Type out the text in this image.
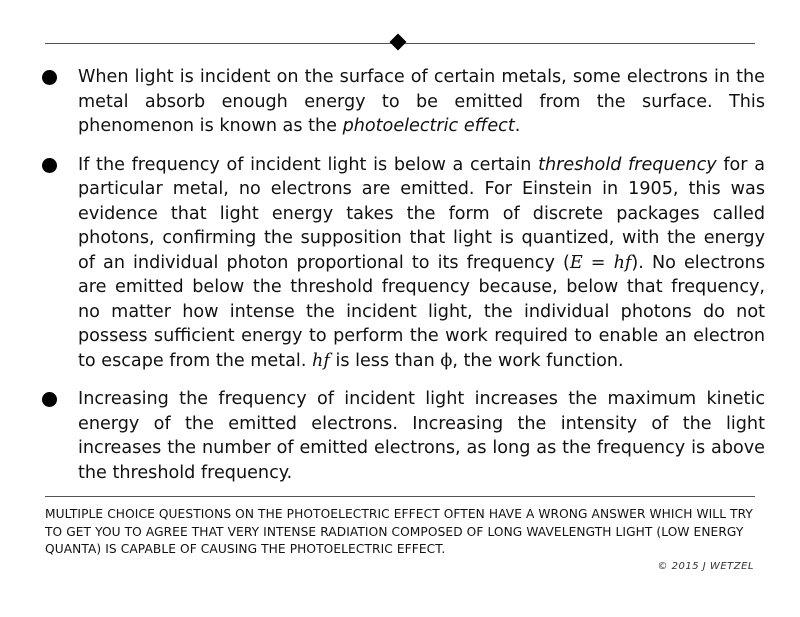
When light is incident on the surface of certain metals, some electrons in the metal absorb enough energy to be emitted from the surface. This phenomenon is known as the photoelectric effect.

If the frequency of incident light is below a certain threshold frequency for a particular metal, no electrons are emitted. For Einstein in 1905, this was evidence that light energy takes the form of discrete packages called photons, confirming the supposition that light is quantized, with the energy of an individual photon proportional to its frequency (E = hf). No electrons are emitted below the threshold frequency because, below that frequency, no matter how intense the incident light, the individual photons do not possess sufficient energy to perform the work required to enable an electron to escape from the metal. hf is less than ϕ, the work function.

Increasing the frequency of incident light increases the maximum kinetic energy of the emitted electrons. Increasing the intensity of the light increases the number of emitted electrons, as long as the frequency is above the threshold frequency.

MULTIPLE CHOICE QUESTIONS ON THE PHOTOELECTRIC EFFECT OFTEN HAVE A WRONG ANSWER WHICH WILL TRY TO GET YOU TO AGREE THAT VERY INTENSE RADIATION COMPOSED OF LONG WAVELENGTH LIGHT (LOW ENERGY QUANTA) IS CAPABLE OF CAUSING THE PHOTOELECTRIC EFFECT.

© 2015 J WETZEL
